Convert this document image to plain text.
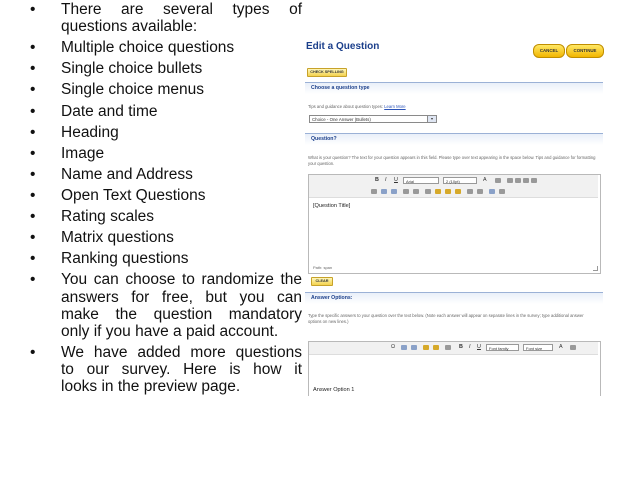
• There are several types of
questions available:
• Multiple choice questions
• Single choice bullets
• Single choice menus
• Date and time
• Heading
• Image
• Name and Address
• Open Text Questions
• Rating scales
• Matrix questions
• Ranking questions
• You can choose to randomize the
answers for free, but you can
make the question mandatory
only if you have a paid account.
• We have added more questions
to our survey. Here is how it
looks in the preview page.
Edit a Question	CANCEL	CONTINUE
CHECK SPELLING
Choose a question type
Tips and guidance about question types: Learn More
Choice - One Answer (Bullets)	▾
Question?
What is your question? The text for your question appears in this field. Please type over text appearing in the space below. Tips and guidance for formatting your question.
B I U	Arial	2 (10pt)	A
[Question Title]
Path: span
CLEAR
Answer Options:
Type the specific answers to your question over the text below. (Note each answer will appear on separate lines in the survey; type additional answer options on new lines.)
Ω	B I U	Font family	Font size	A
Answer Option 1
